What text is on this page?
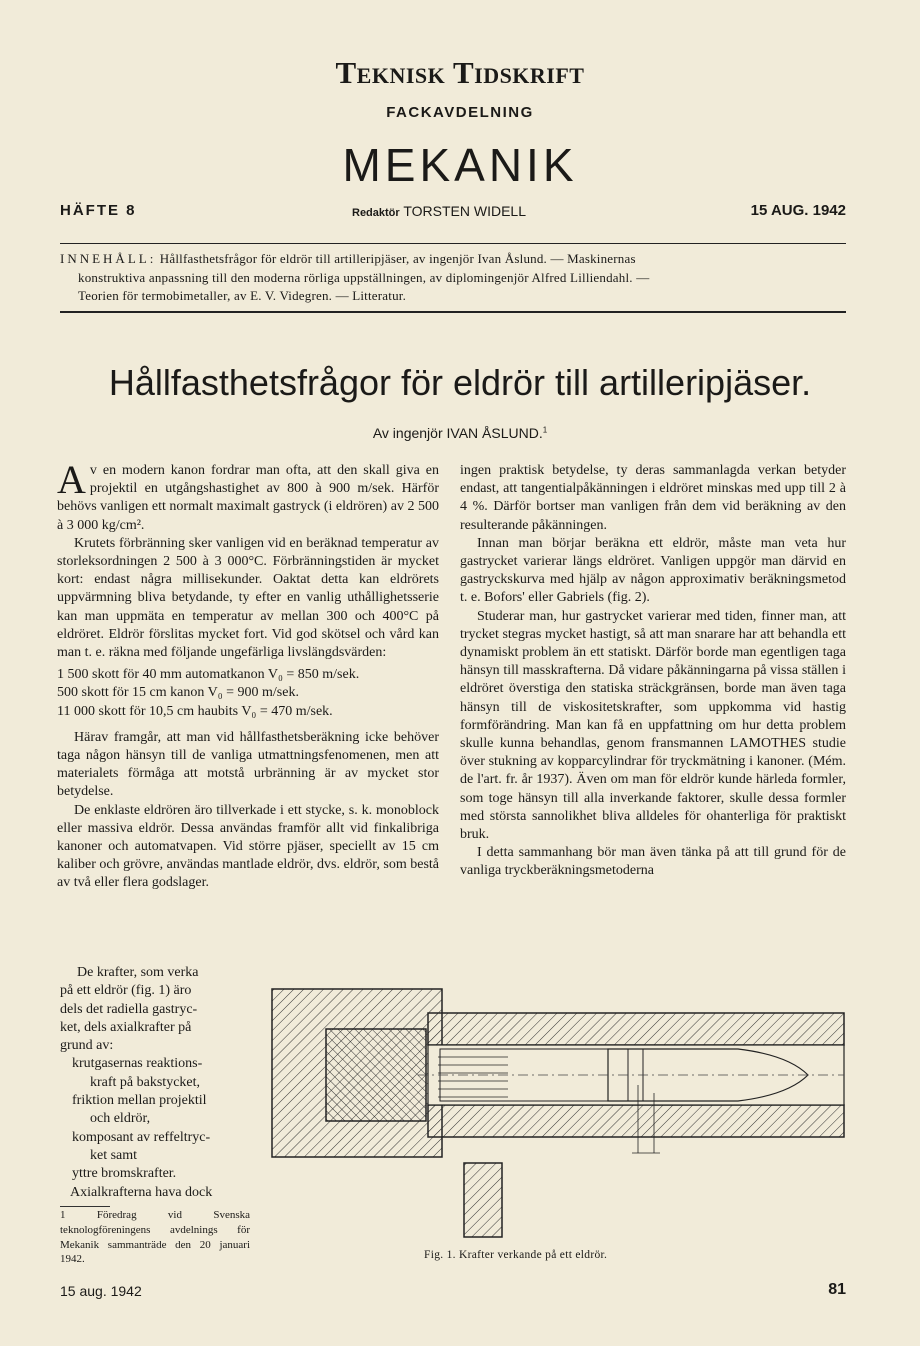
Teknisk Tidskrift
FACKAVDELNING
MEKANIK
HÄFTE 8	Redaktör TORSTEN WIDELL	15 AUG. 1942

INNEHÅLL: Hållfasthetsfrågor för eldrör till artilleripjäser, av ingenjör Ivan Åslund. — Maskinernas

konstruktiva anpassning till den moderna rörliga uppställningen, av diplomingenjör Alfred Lilliendahl. —

Teorien för termobimetaller, av E. V. Videgren. — Litteratur.

Hållfasthetsfrågor för eldrör till artilleripjäser.
Av ingenjör IVAN ÅSLUND.$^1$

Av en modern kanon fordrar man ofta, att den skall giva en projektil en utgångshastighet av 800 à 900 m/sek. Härför behövs vanligen ett normalt maximalt gastryck (i eldrören) av 2 500 à 3 000 kg/cm².

Krutets förbränning sker vanligen vid en beräknad temperatur av storleksordningen 2 500 à 3 000°C. Förbränningstiden är mycket kort: endast några millisekunder. Oaktat detta kan eldrörets uppvärmning bliva betydande, ty efter en vanlig uthållighetsserie kan man uppmäta en temperatur av mellan 300 och 400°C på eldröret. Eldrör förslitas mycket fort. Vid god skötsel och vård kan man t. e. räkna med följande ungefärliga livslängdsvärden:

1 500 skott för 40 mm automatkanon V₀ = 850 m/sek.

500 skott för 15 cm kanon V₀ = 900 m/sek.

11 000 skott för 10,5 cm haubits V₀ = 470 m/sek.

Härav framgår, att man vid hållfasthetsberäkning icke behöver taga någon hänsyn till de vanliga utmattningsfenomenen, men att materialets förmåga att motstå urbränning är av mycket stor betydelse.

De enklaste eldrören äro tillverkade i ett stycke, s. k. monoblock eller massiva eldrör. Dessa användas framför allt vid finkalibriga kanoner och automatvapen. Vid större pjäser, speciellt av 15 cm kaliber och grövre, användas mantlade eldrör, dvs. eldrör, som bestå av två eller flera godslager.

De krafter, som verka

på ett eldrör (fig. 1) äro

dels det radiella gastryc-

ket, dels axialkrafter på

grund av:

krutgasernas reaktions-

kraft på bakstycket,

friktion mellan projektil

och eldrör,

komposant av reffeltryc-

ket samt

yttre bromskrafter.

Axialkrafterna hava dock

1 Föredrag vid Svenska teknologföreningens avdelnings för Mekanik sammanträde den 20 januari 1942.

ingen praktisk betydelse, ty deras sammanlagda verkan betyder endast, att tangentialpåkänningen i eldröret minskas med upp till 2 à 4 %. Därför bortser man vanligen från dem vid beräkning av den resulterande påkänningen.

Innan man börjar beräkna ett eldrör, måste man veta hur gastrycket varierar längs eldröret. Vanligen uppgör man därvid en gastryckskurva med hjälp av någon approximativ beräkningsmetod t. e. Bofors' eller Gabriels (fig. 2).

Studerar man, hur gastrycket varierar med tiden, finner man, att trycket stegras mycket hastigt, så att man snarare har att behandla ett dynamiskt problem än ett statiskt. Därför borde man egentligen taga hänsyn till masskrafterna. Då vidare påkänningarna på vissa ställen i eldröret överstiga den statiska sträckgränsen, borde man även taga hänsyn till de viskositetskrafter, som uppkomma vid hastig formförändring. Man kan få en uppfattning om hur detta problem skulle kunna behandlas, genom fransmannen LAMOTHES studie över stukning av kopparcylindrar för tryckmätning i kanoner. (Mém. de l'art. fr. år 1937). Även om man för eldrör kunde härleda formler, som toge hänsyn till alla inverkande faktorer, skulle dessa formler med största sannolikhet bliva alldeles för ohanterliga för praktiskt bruk.

I detta sammanhang bör man även tänka på att till grund för de vanliga tryckberäkningsmetoderna

Fig. 1. Krafter verkande på ett eldrör.
15 aug. 1942	81
